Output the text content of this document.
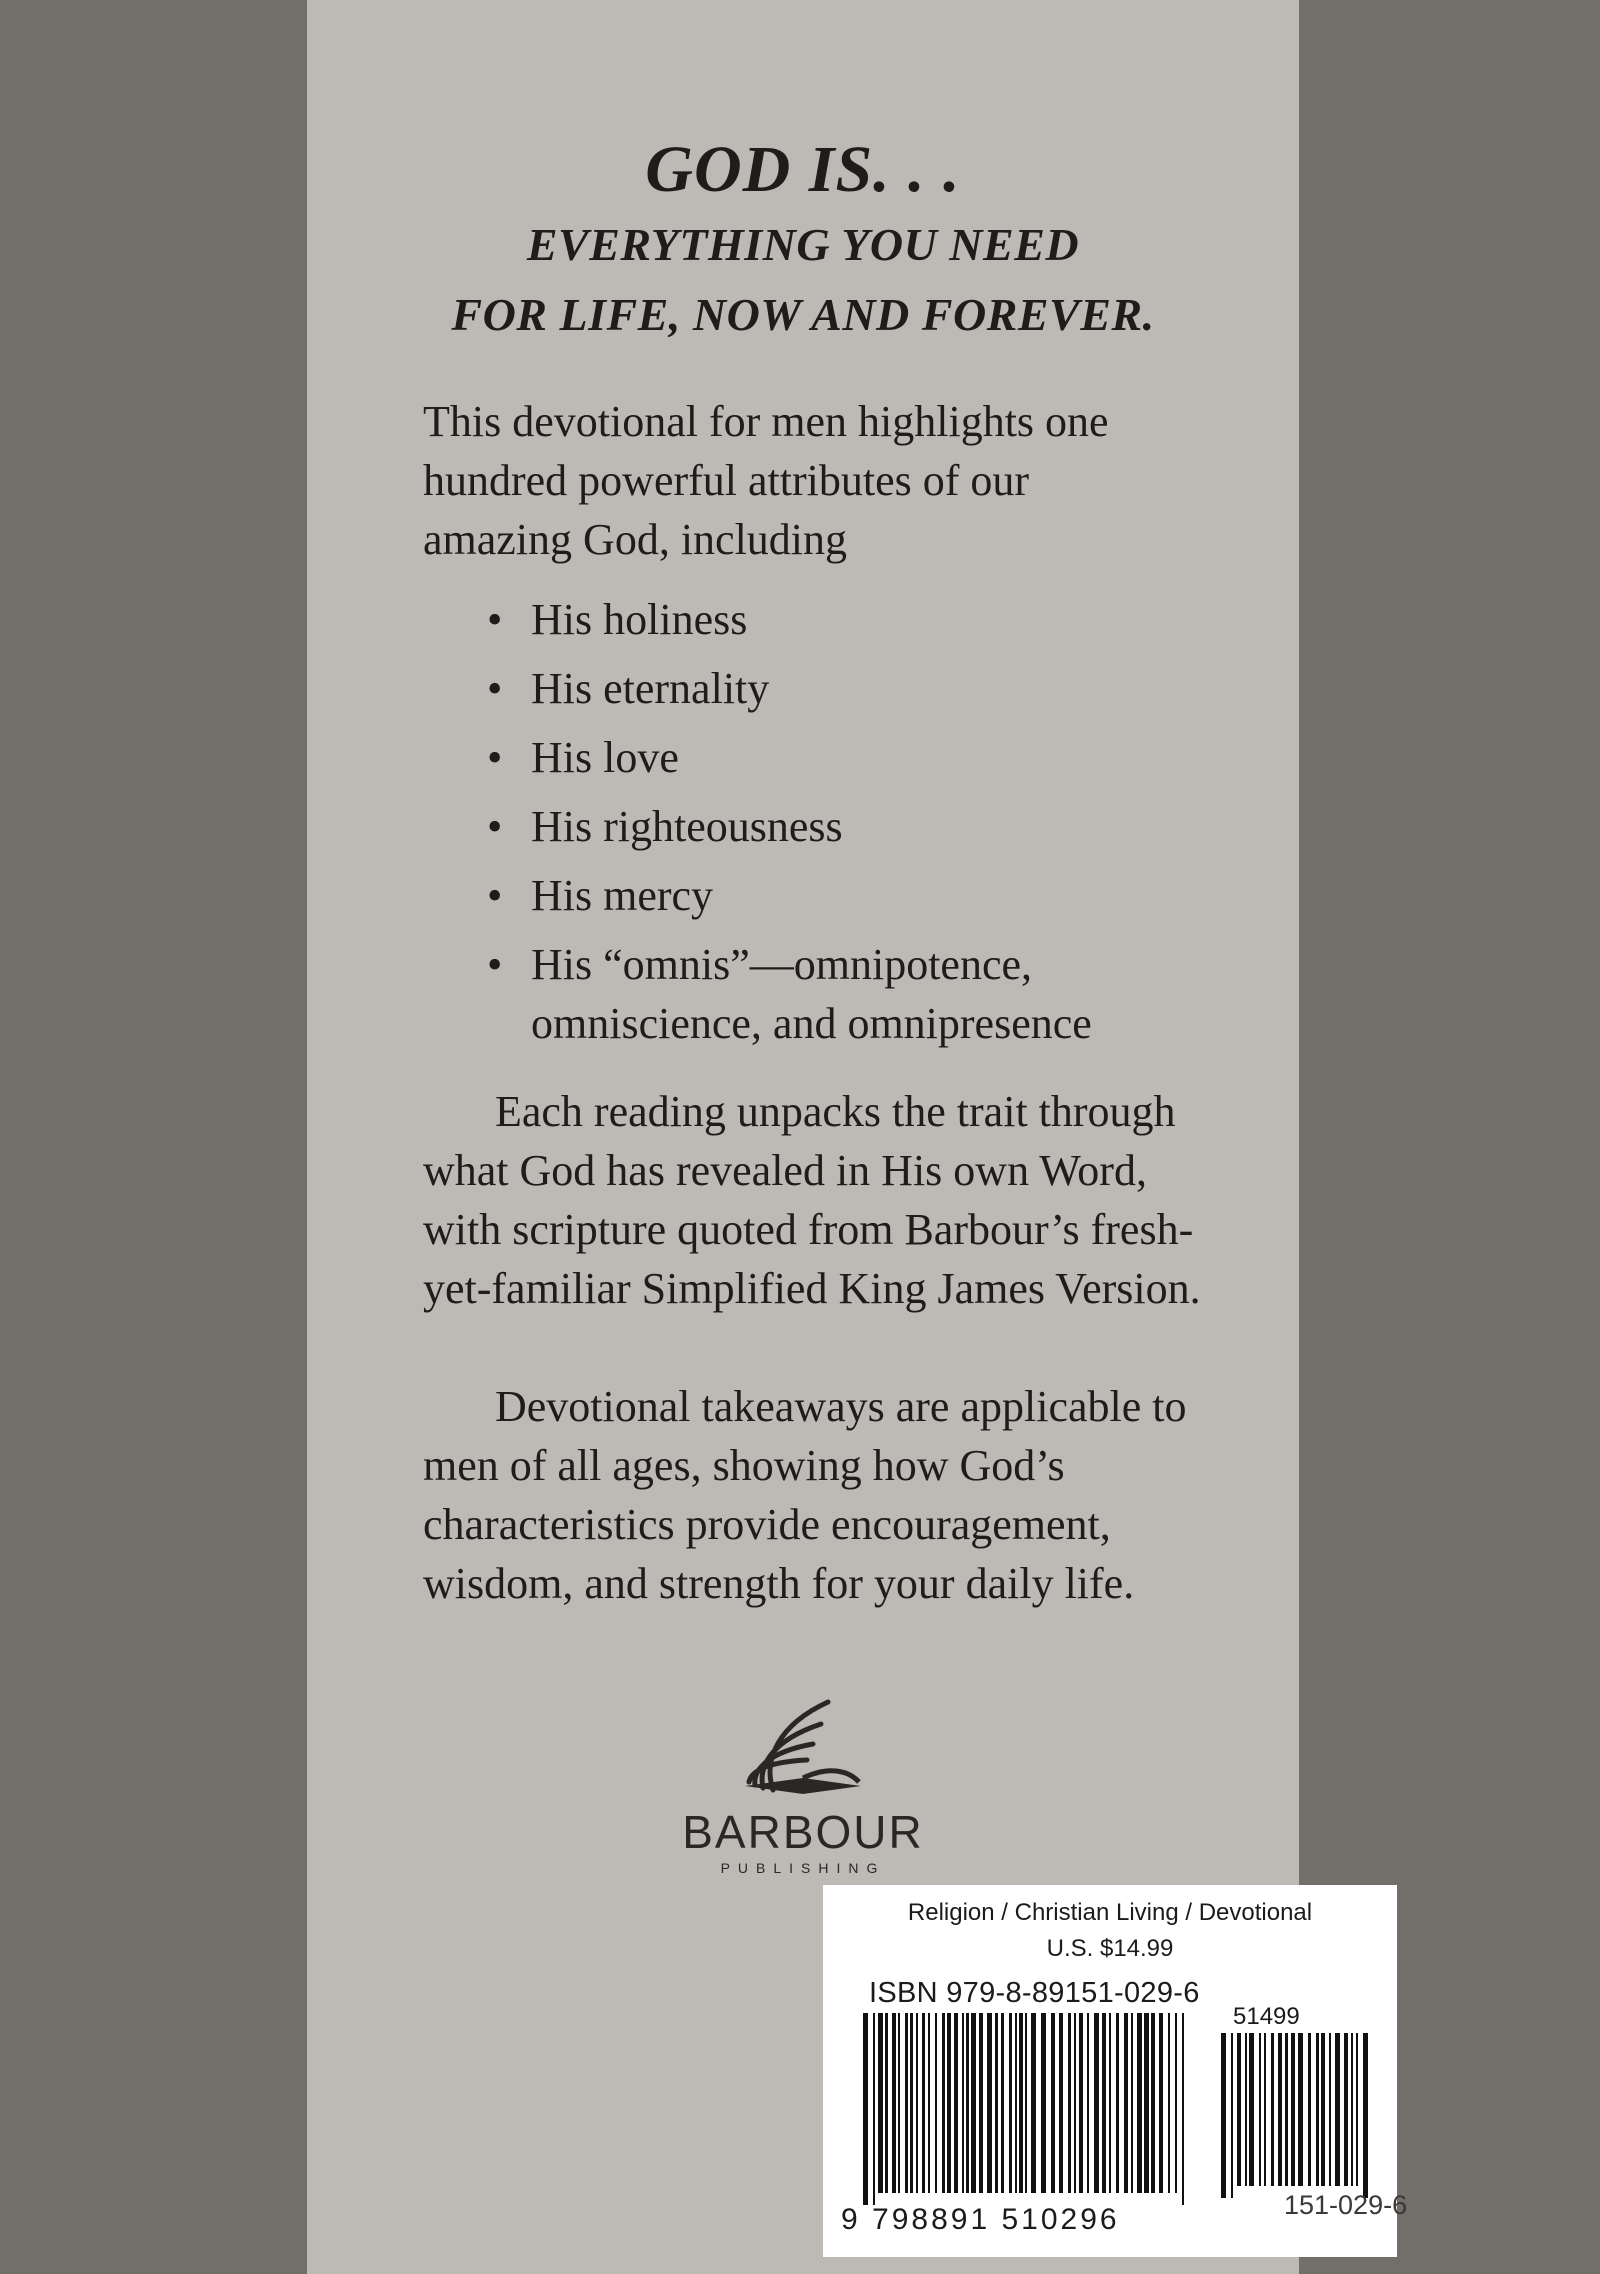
GOD IS. . .
EVERYTHING YOU NEED
FOR LIFE, NOW AND FOREVER.
This devotional for men highlights one hundred powerful attributes of our amazing God, including
• His holiness
• His eternality
• His love
• His righteousness
• His mercy
• His “omnis”—omnipotence,
omniscience, and omnipresence

Each reading unpacks the trait through what God has revealed in His own Word, with scripture quoted from Barbour’s fresh-yet-familiar Simplified King James Version.

Devotional takeaways are applicable to men of all ages, showing how God’s characteristics provide encouragement, wisdom, and strength for your daily life.

BARBOUR
PUBLISHING
Religion / Christian Living / Devotional
U.S. $14.99
ISBN 979-8-89151-029-6
51499
9 798891 510296	151-029-6
